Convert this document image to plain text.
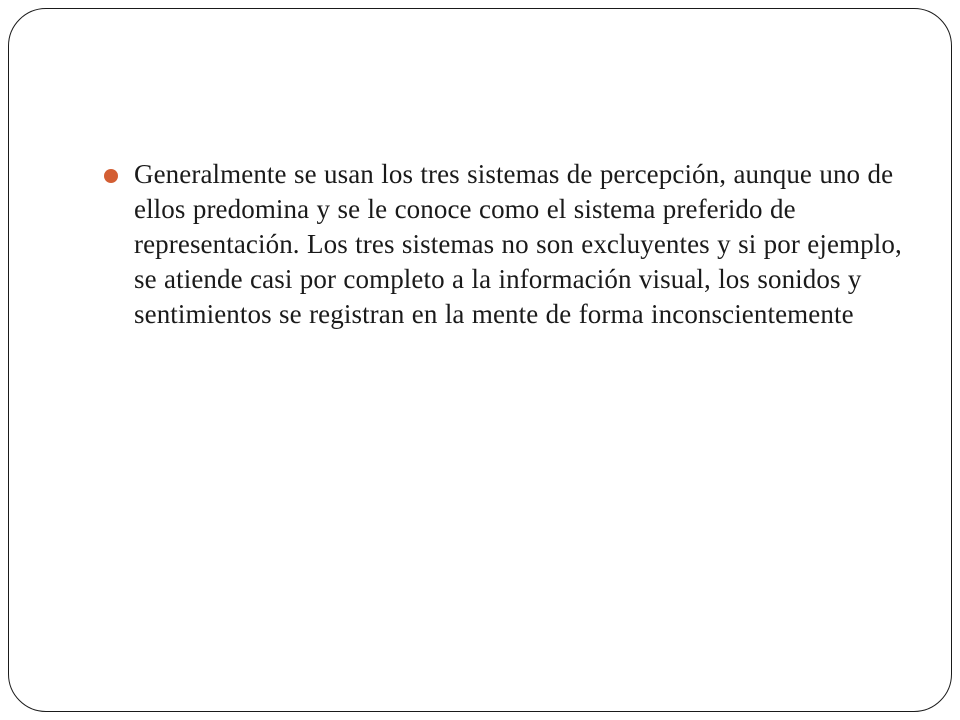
Generalmente se usan los tres sistemas de percepción, aunque uno de ellos predomina y se le conoce como el sistema preferido de representación. Los tres sistemas no son excluyentes y si por ejemplo, se atiende casi por completo a la información visual, los sonidos y sentimientos se registran en la mente de forma inconscientemente
